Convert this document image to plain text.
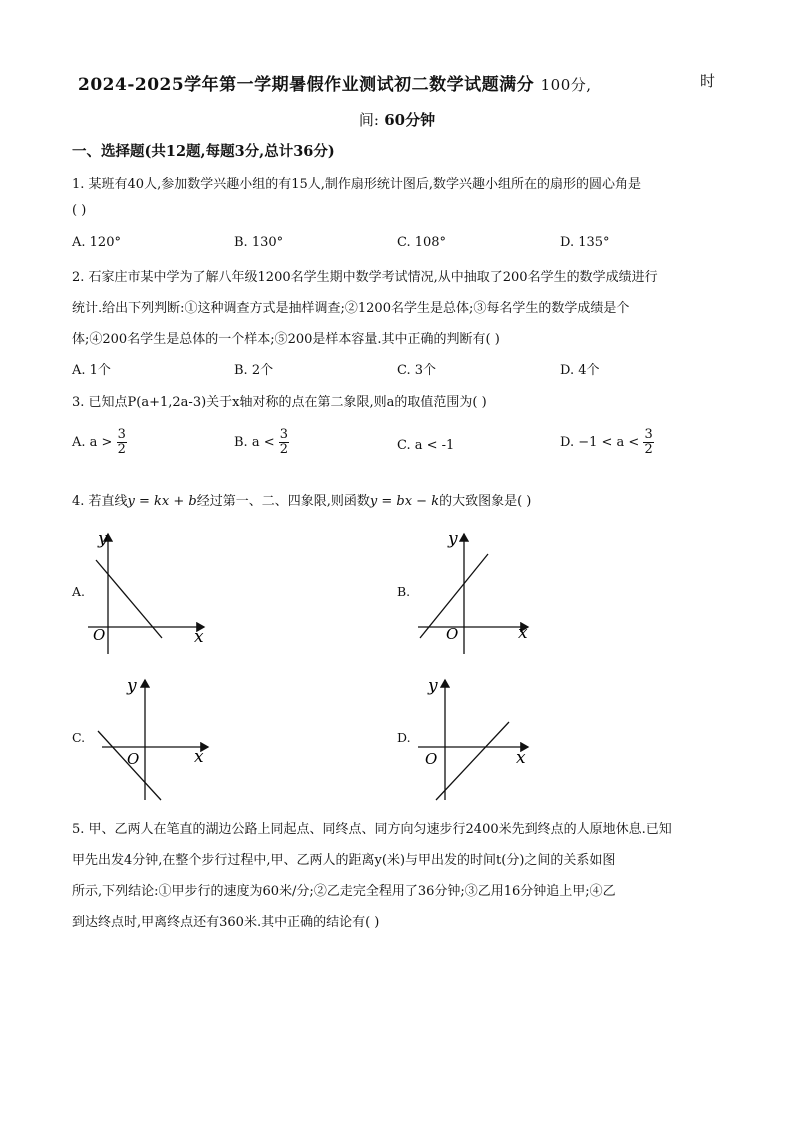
2024-2025学年第一学期暑假作业测试初二数学试题满分 100分,	时
间: 60分钟
一、选择题(共12题,每题3分,总计36分)
1. 某班有40人,参加数学兴趣小组的有15人,制作扇形统计图后,数学兴趣小组所在的扇形的圆心角是
( )
A. 120°	B. 130°	C. 108°	D. 135°
2. 石家庄市某中学为了解八年级1200名学生期中数学考试情况,从中抽取了200名学生的数学成绩进行
统计.给出下列判断:①这种调查方式是抽样调查;②1200名学生是总体;③每名学生的数学成绩是个
体;④200名学生是总体的一个样本;⑤200是样本容量.其中正确的判断有( )
A. 1个	B. 2个	C. 3个	D. 4个
3. 已知点P(a+1,2a-3)关于x轴对称的点在第二象限,则a的取值范围为( )
A. $a > \frac{3}{2}$	B. $a < \frac{3}{2}$	C. a < -1	D. $-1 < a < \frac{3}{2}$
4. 若直线y = kx + b经过第一、二、四象限,则函数y = bx − k的大致图象是( )
A.	B.
C.	D.
y
x
O
y
x
O
y
x
O
y
x
O
5. 甲、乙两人在笔直的湖边公路上同起点、同终点、同方向匀速步行2400米先到终点的人原地休息.已知
甲先出发4分钟,在整个步行过程中,甲、乙两人的距离y(米)与甲出发的时间t(分)之间的关系如图
所示,下列结论:①甲步行的速度为60米/分;②乙走完全程用了36分钟;③乙用16分钟追上甲;④乙
到达终点时,甲离终点还有360米.其中正确的结论有( )
